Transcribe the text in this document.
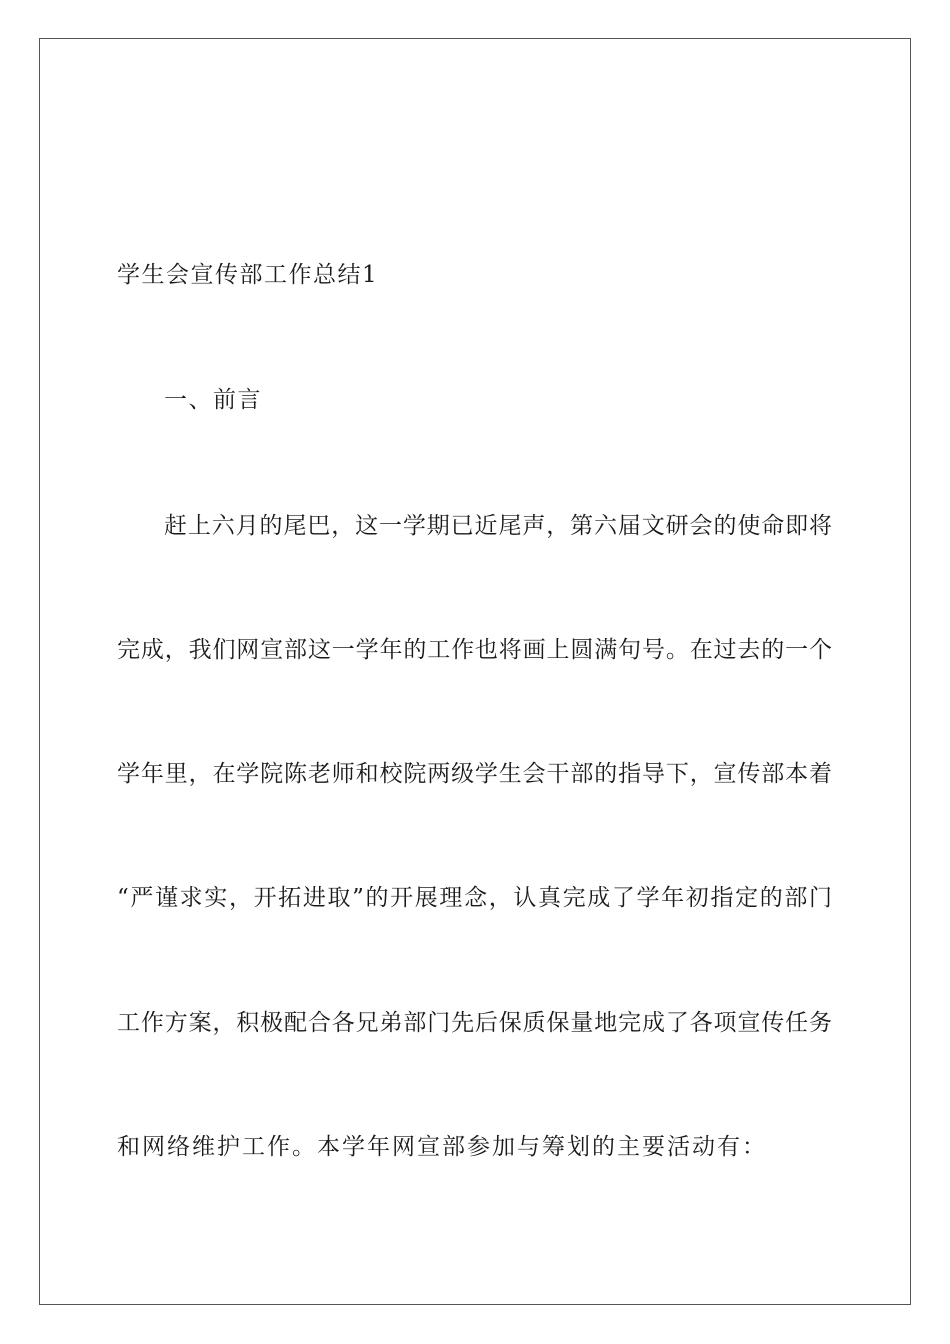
学生会宣传部工作总结1
一、前言
赶上六月的尾巴，这一学期已近尾声，第六届文研会的使命即将
完成，我们网宣部这一学年的工作也将画上圆满句号。在过去的一个
学年里，在学院陈老师和校院两级学生会干部的指导下，宣传部本着
“严谨求实，开拓进取”的开展理念，认真完成了学年初指定的部门
工作方案，积极配合各兄弟部门先后保质保量地完成了各项宣传任务
和网络维护工作。本学年网宣部参加与筹划的主要活动有：
